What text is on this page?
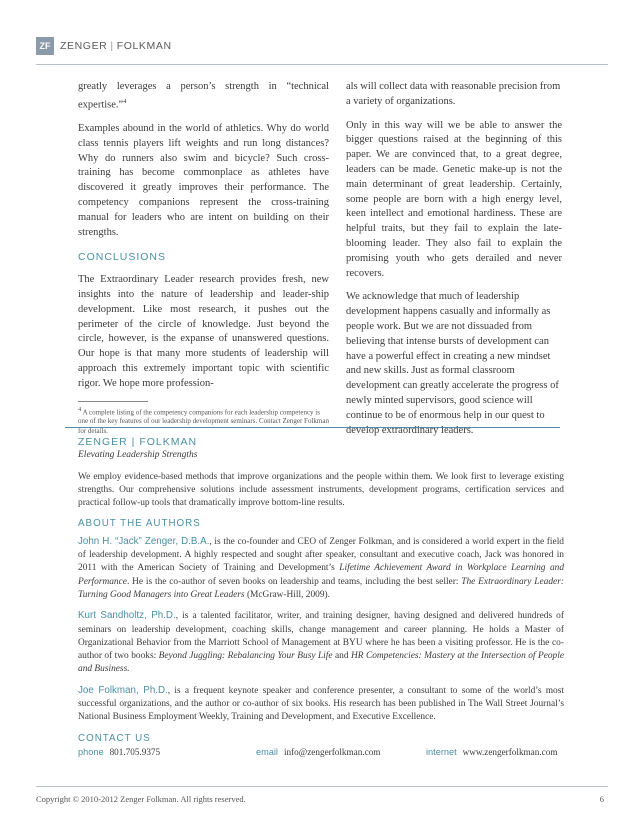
ZF ZENGER | FOLKMAN

greatly leverages a person’s strength in “technical expertise.”$^4$

Examples abound in the world of athletics. Why do world class tennis players lift weights and run long distances? Why do runners also swim and bicycle? Such cross-training has become commonplace as athletes have discovered it greatly improves their performance. The competency companions represent the cross-training manual for leaders who are intent on building on their strengths.

CONCLUSIONS

The Extraordinary Leader research provides fresh, new insights into the nature of leadership and leader-ship development. Like most research, it pushes out the perimeter of the circle of knowledge. Just beyond the circle, however, is the expanse of unanswered questions. Our hope is that many more students of leadership will approach this extremely important topic with scientific rigor. We hope more profession-

$^4$ A complete listing of the competency companions for each leadership competency is one of the key features of our leadership development seminars. Contact Zenger Folkman for details.

als will collect data with reasonable precision from a variety of organizations.

Only in this way will we be able to answer the bigger questions raised at the beginning of this paper. We are convinced that, to a great degree, leaders can be made. Genetic make-up is not the main determinant of great leadership. Certainly, some people are born with a high energy level, keen intellect and emotional hardiness. These are helpful traits, but they fail to explain the late-blooming leader. They also fail to explain the promising youth who gets derailed and never recovers.

We acknowledge that much of leadership development happens casually and informally as people work. But we are not dissuaded from believing that intense bursts of development can have a powerful effect in creating a new mindset and new skills. Just as formal classroom development can greatly accelerate the progress of newly minted supervisors, good science will continue to be of enormous help in our quest to develop extraordinary leaders.

ZENGER | FOLKMAN
Elevating Leadership Strengths

We employ evidence-based methods that improve organizations and the people within them. We look first to leverage existing strengths. Our comprehensive solutions include assessment instruments, development programs, certification services and practical follow-up tools that dramatically improve bottom-line results.

ABOUT THE AUTHORS

John H. “Jack” Zenger, D.B.A., is the co-founder and CEO of Zenger Folkman, and is considered a world expert in the field of leadership development. A highly respected and sought after speaker, consultant and executive coach, Jack was honored in 2011 with the American Society of Training and Development’s Lifetime Achievement Award in Workplace Learning and Performance. He is the co-author of seven books on leadership and teams, including the best seller: The Extraordinary Leader: Turning Good Managers into Great Leaders (McGraw-Hill, 2009).

Kurt Sandholtz, Ph.D., is a talented facilitator, writer, and training designer, having designed and delivered hundreds of seminars on leadership development, coaching skills, change management and career planning. He holds a Master of Organizational Behavior from the Marriott School of Management at BYU where he has been a visiting professor. He is the co-author of two books: Beyond Juggling: Rebalancing Your Busy Life and HR Competencies: Mastery at the Intersection of People and Business.

Joe Folkman, Ph.D., is a frequent keynote speaker and conference presenter, a consultant to some of the world’s most successful organizations, and the author or co-author of six books. His research has been published in The Wall Street Journal’s National Business Employment Weekly, Training and Development, and Executive Excellence.

CONTACT US
phone 801.705.9375	email info@zengerfolkman.com	internet www.zengerfolkman.com
Copyright © 2010-2012 Zenger Folkman. All rights reserved.	6
